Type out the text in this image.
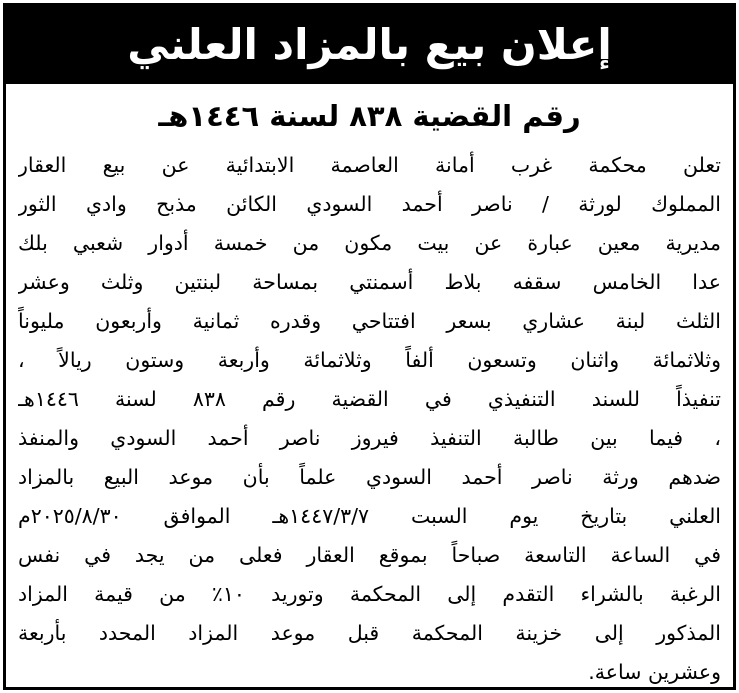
إعلان بيع بالمزاد العلني
رقم القضية ٨٣٨ لسنة ١٤٤٦هـ
تعلن محكمة غرب أمانة العاصمة الابتدائية عن بيع العقار
المملوك لورثة / ناصر أحمد السودي الكائن مذبح وادي الثور
مديرية معين عبارة عن بيت مكون من خمسة أدوار شعبي بلك
عدا الخامس سقفه بلاط أسمنتي بمساحة لبنتين وثلث وعشر
الثلث لبنة عشاري بسعر افتتاحي وقدره ثمانية وأربعون مليوناً
وثلاثمائة واثنان وتسعون ألفاً وثلاثمائة وأربعة وستون ريالاً ،
تنفيذاً للسند التنفيذي في القضية رقم ٨٣٨ لسنة ١٤٤٦هـ
، فيما بين طالبة التنفيذ فيروز ناصر أحمد السودي والمنفذ
ضدهم ورثة ناصر أحمد السودي علماً بأن موعد البيع بالمزاد
العلني بتاريخ يوم السبت ١٤٤٧/٣/٧هـ الموافق ٢٠٢٥/٨/٣٠م
في الساعة التاسعة صباحاً بموقع العقار فعلى من يجد في نفس
الرغبة بالشراء التقدم إلى المحكمة وتوريد ١٠٪ من قيمة المزاد
المذكور إلى خزينة المحكمة قبل موعد المزاد المحدد بأربعة
وعشرين ساعة.
